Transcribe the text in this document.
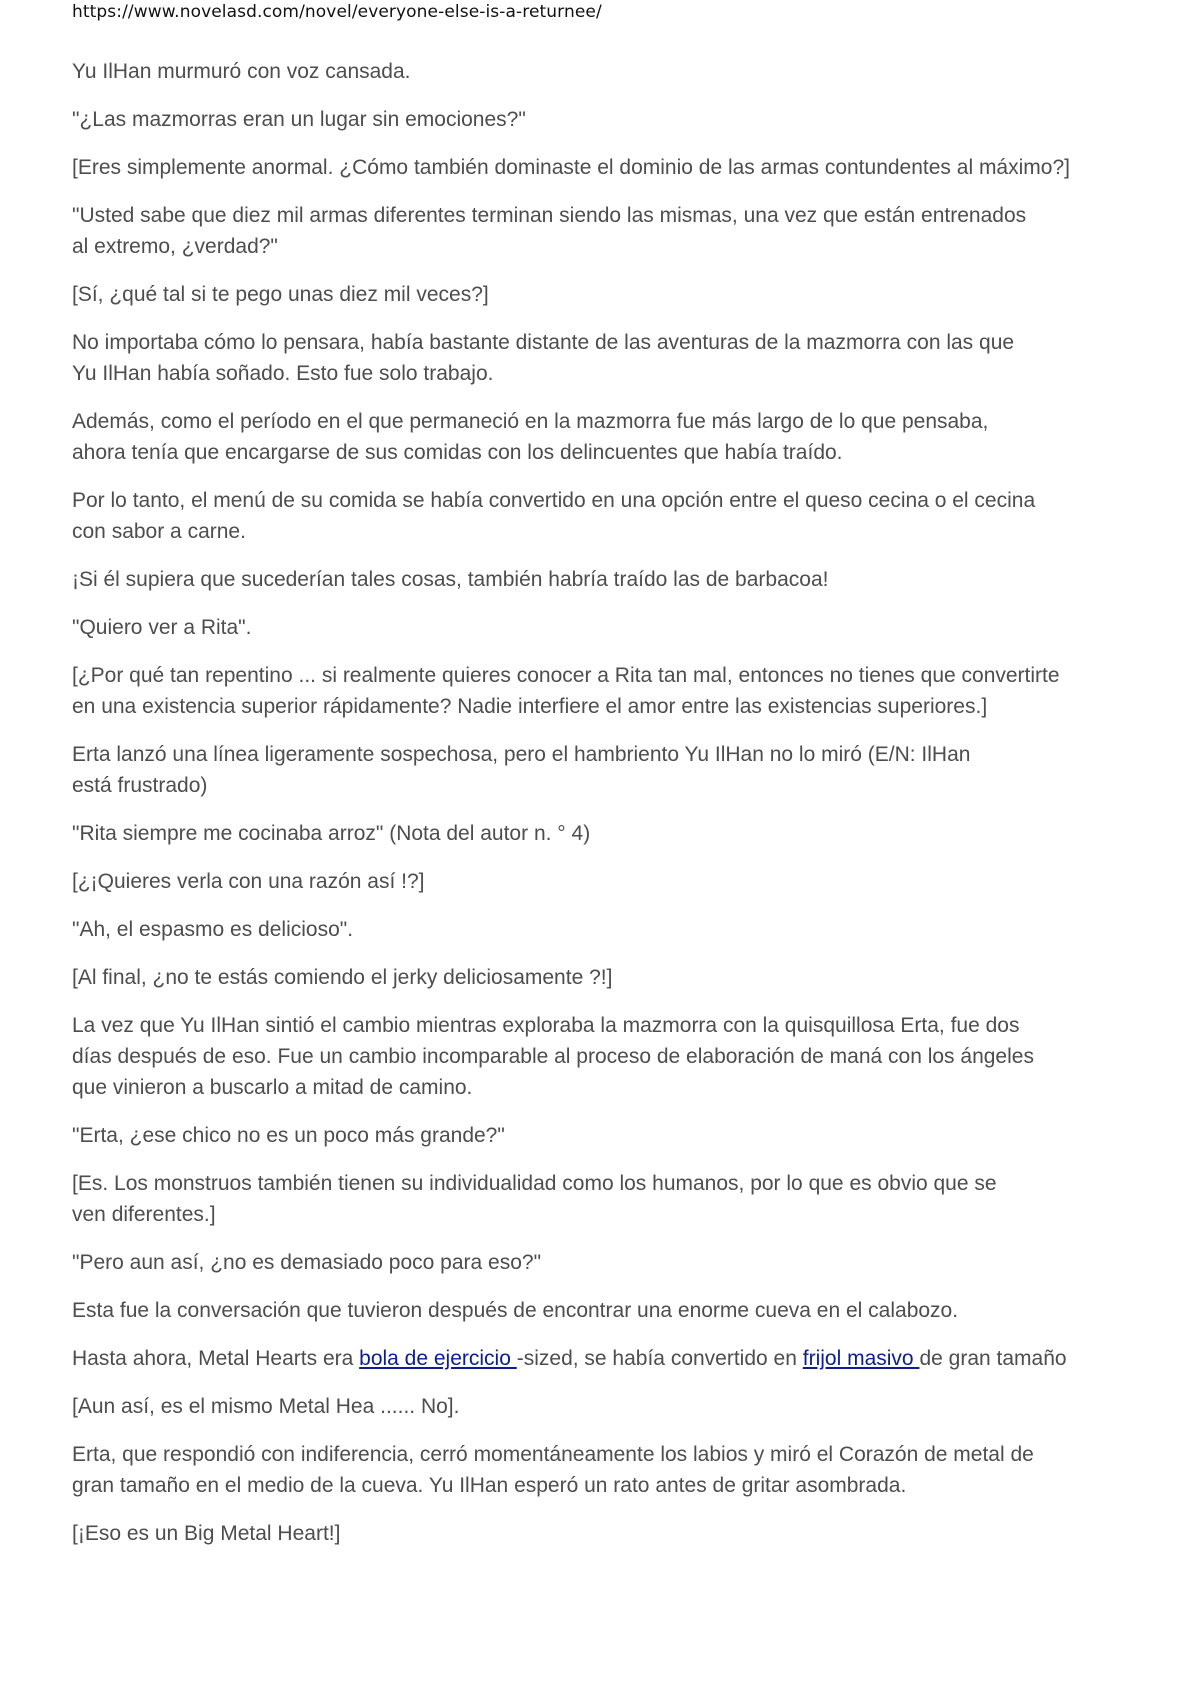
https://www.novelasd.com/novel/everyone-else-is-a-returnee/

Yu IlHan murmuró con voz cansada.

"¿Las mazmorras eran un lugar sin emociones?"

[Eres simplemente anormal. ¿Cómo también dominaste el dominio de las armas contundentes al máximo?]

"Usted sabe que diez mil armas diferentes terminan siendo las mismas, una vez que están entrenados
al extremo, ¿verdad?"

[Sí, ¿qué tal si te pego unas diez mil veces?]

No importaba cómo lo pensara, había bastante distante de las aventuras de la mazmorra con las que
Yu IlHan había soñado. Esto fue solo trabajo.

Además, como el período en el que permaneció en la mazmorra fue más largo de lo que pensaba,
ahora tenía que encargarse de sus comidas con los delincuentes que había traído.

Por lo tanto, el menú de su comida se había convertido en una opción entre el queso cecina o el cecina
con sabor a carne.

¡Si él supiera que sucederían tales cosas, también habría traído las de barbacoa!

"Quiero ver a Rita".

[¿Por qué tan repentino ... si realmente quieres conocer a Rita tan mal, entonces no tienes que convertirte
en una existencia superior rápidamente? Nadie interfiere el amor entre las existencias superiores.]

Erta lanzó una línea ligeramente sospechosa, pero el hambriento Yu IlHan no lo miró (E/N: IlHan
está frustrado)

"Rita siempre me cocinaba arroz" (Nota del autor n. ° 4)

[¿¡Quieres verla con una razón así !?]

"Ah, el espasmo es delicioso".

[Al final, ¿no te estás comiendo el jerky deliciosamente ?!]

La vez que Yu IlHan sintió el cambio mientras exploraba la mazmorra con la quisquillosa Erta, fue dos
días después de eso. Fue un cambio incomparable al proceso de elaboración de maná con los ángeles
que vinieron a buscarlo a mitad de camino.

"Erta, ¿ese chico no es un poco más grande?"

[Es. Los monstruos también tienen su individualidad como los humanos, por lo que es obvio que se
ven diferentes.]

"Pero aun así, ¿no es demasiado poco para eso?"

Esta fue la conversación que tuvieron después de encontrar una enorme cueva en el calabozo.

Hasta ahora, Metal Hearts era bola de ejercicio -sized, se había convertido en frijol masivo de gran tamaño

[Aun así, es el mismo Metal Hea ...... No].

Erta, que respondió con indiferencia, cerró momentáneamente los labios y miró el Corazón de metal de
gran tamaño en el medio de la cueva. Yu IlHan esperó un rato antes de gritar asombrada.

[¡Eso es un Big Metal Heart!]
